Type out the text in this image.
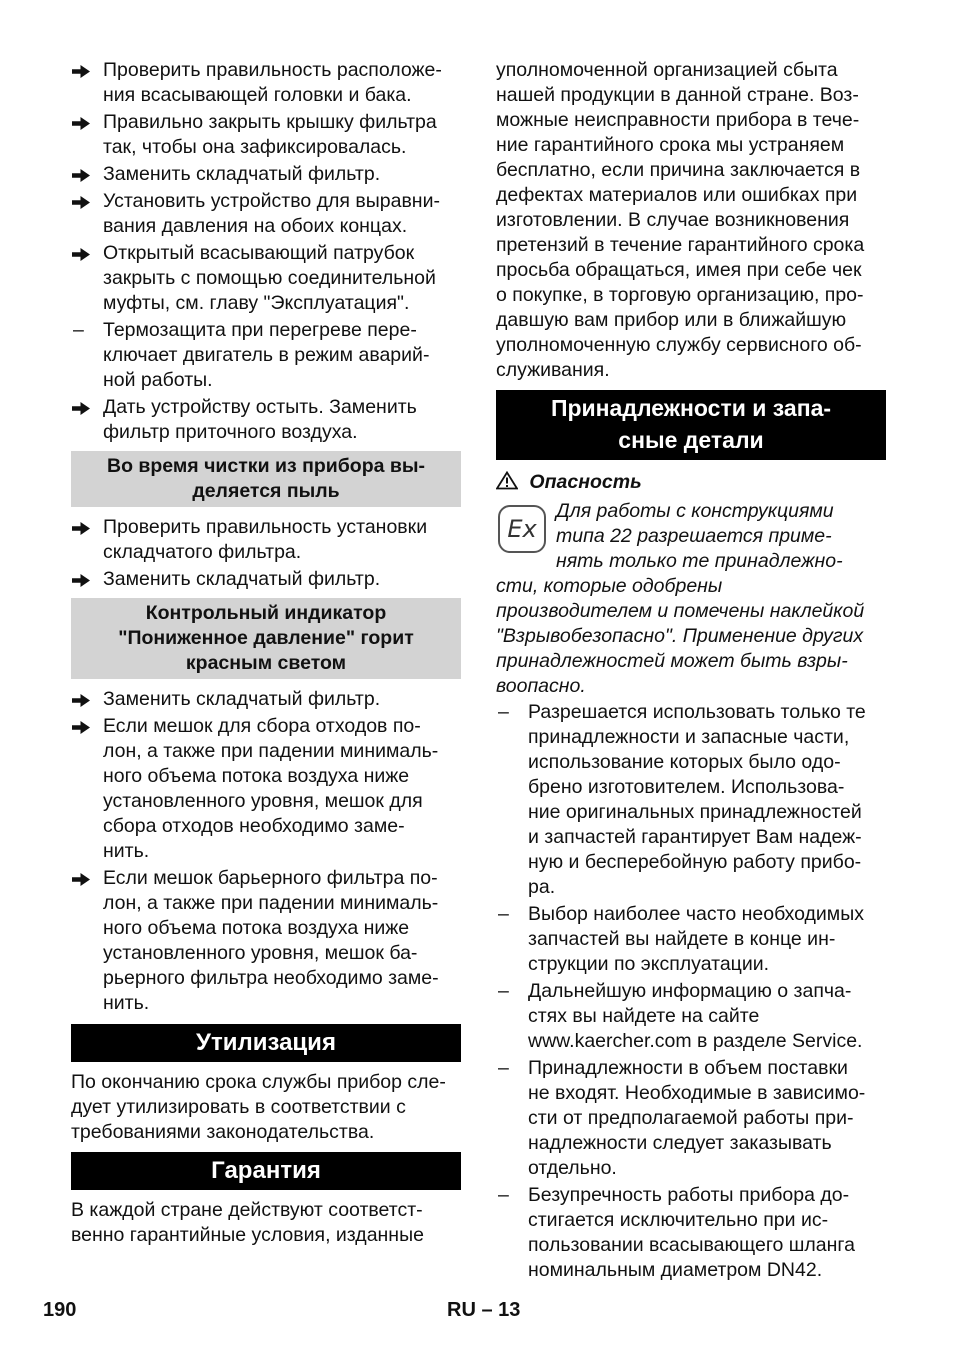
Проверить правильность расположе-
ния всасывающей головки и бака.
Правильно закрыть крышку фильтра
так, чтобы она зафиксировалась.
Заменить складчатый фильтр.
Установить устройство для выравни-
вания давления на обоих концах.
Открытый всасывающий патрубок
закрыть с помощью соединительной
муфты, см. главу "Эксплуатация".
– Термозащита при перегреве пере-
ключает двигатель в режим аварий-
ной работы.
Дать устройству остыть. Заменить
фильтр приточного воздуха.
Во время чистки из прибора вы-
деляется пыль
Проверить правильность установки
складчатого фильтра.
Заменить складчатый фильтр.
Контрольный индикатор
"Пониженное давление" горит
красным светом
Заменить складчатый фильтр.
Если мешок для сбора отходов по-
лон, а также при падении минималь-
ного объема потока воздуха ниже
установленного уровня, мешок для
сбора отходов необходимо заме-
нить.
Если мешок барьерного фильтра по-
лон, а также при падении минималь-
ного объема потока воздуха ниже
установленного уровня, мешок ба-
рьерного фильтра необходимо заме-
нить.
Утилизация

По окончанию срока службы прибор сле-
дует утилизировать в соответствии с
требованиями законодательства.

Гарантия

В каждой стране действуют соответст-
венно гарантийные условия, изданные

уполномоченной организацией сбыта
нашей продукции в данной стране. Воз-
можные неисправности прибора в тече-
ние гарантийного срока мы устраняем
бесплатно, если причина заключается в
дефектах материалов или ошибках при
изготовлении. В случае возникновения
претензий в течение гарантийного срока
просьба обращаться, имея при себе чек
о покупке, в торговую организацию, про-
давшую вам прибор или в ближайшую
уполномоченную службу сервисного об-
служивания.

Принадлежности и запа-
сные детали
Опасность
Ex
Для работы с конструкциями
типа 22 разрешается приме-
нять только те принадлежно-
сти, которые одобрены
производителем и помечены наклейкой
"Взрывобезопасно". Применение других
принадлежностей может быть взры-
воопасно.
– Разрешается использовать только те
принадлежности и запасные части,
использование которых было одо-
брено изготовителем. Использова-
ние оригинальных принадлежностей
и запчастей гарантирует Вам надеж-
ную и бесперебойную работу прибо-
ра.
– Выбор наиболее часто необходимых
запчастей вы найдете в конце ин-
струкции по эксплуатации.
– Дальнейшую информацию о запча-
стях вы найдете на сайте
www.kaercher.com в разделе Service.
– Принадлежности в объем поставки
не входят. Необходимые в зависимо-
сти от предполагаемой работы при-
надлежности следует заказывать
отдельно.
– Безупречность работы прибора до-
стигается исключительно при ис-
пользовании всасывающего шланга
номинальным диаметром DN42.
190	RU – 13
